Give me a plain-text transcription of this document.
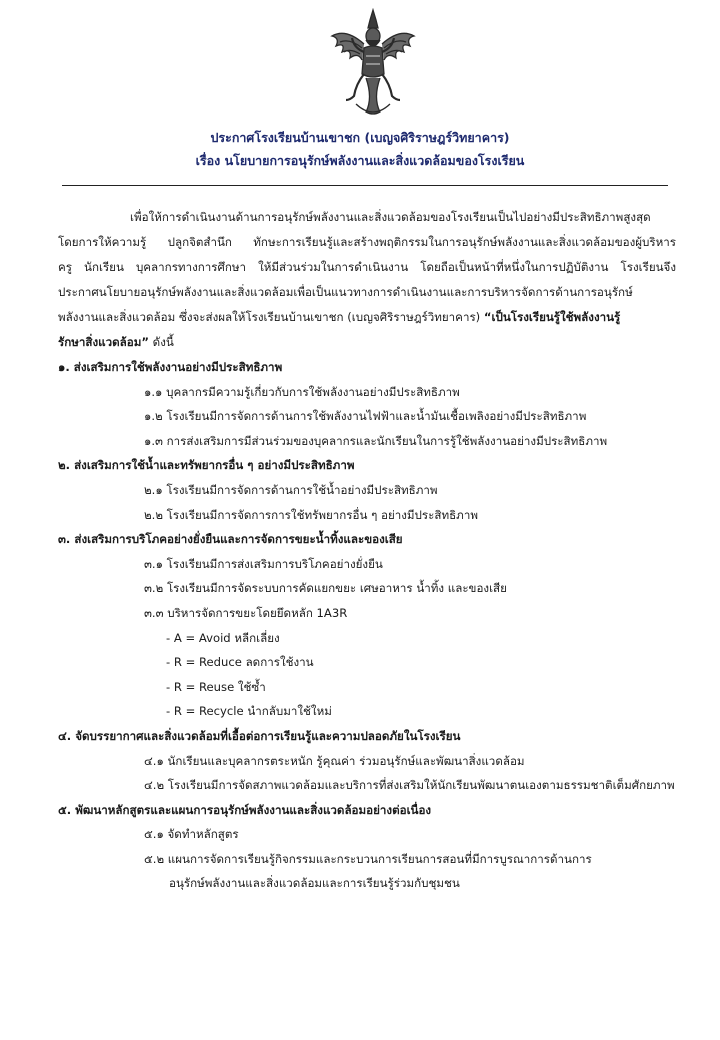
ประกาศโรงเรียนบ้านเขาชก (เบญจศิริราษฎร์วิทยาคาร)
เรื่อง นโยบายการอนุรักษ์พลังงานและสิ่งแวดล้อมของโรงเรียน

เพื่อให้การดำเนินงานด้านการอนุรักษ์พลังงานและสิ่งแวดล้อมของโรงเรียนเป็นไปอย่างมีประสิทธิภาพสูงสุด

โดยการให้ความรู้ ปลูกจิตสำนึก ทักษะการเรียนรู้และสร้างพฤติกรรมในการอนุรักษ์พลังงานและสิ่งแวดล้อมของผู้บริหาร

ครู นักเรียน บุคลากรทางการศึกษา ให้มีส่วนร่วมในการดำเนินงาน โดยถือเป็นหน้าที่หนึ่งในการปฏิบัติงาน โรงเรียนจึง

ประกาศนโยบายอนุรักษ์พลังงานและสิ่งแวดล้อมเพื่อเป็นแนวทางการดำเนินงานและการบริหารจัดการด้านการอนุรักษ์

พลังงานและสิ่งแวดล้อม ซึ่งจะส่งผลให้โรงเรียนบ้านเขาชก (เบญจศิริราษฎร์วิทยาคาร) “เป็นโรงเรียนรู้ใช้พลังงานรู้

รักษาสิ่งแวดล้อม” ดังนี้

๑. ส่งเสริมการใช้พลังงานอย่างมีประสิทธิภาพ

๑.๑ บุคลากรมีความรู้เกี่ยวกับการใช้พลังงานอย่างมีประสิทธิภาพ

๑.๒ โรงเรียนมีการจัดการด้านการใช้พลังงานไฟฟ้าและน้ำมันเชื้อเพลิงอย่างมีประสิทธิภาพ

๑.๓ การส่งเสริมการมีส่วนร่วมของบุคลากรและนักเรียนในการรู้ใช้พลังงานอย่างมีประสิทธิภาพ

๒. ส่งเสริมการใช้น้ำและทรัพยากรอื่น ๆ อย่างมีประสิทธิภาพ

๒.๑ โรงเรียนมีการจัดการด้านการใช้น้ำอย่างมีประสิทธิภาพ

๒.๒ โรงเรียนมีการจัดการการใช้ทรัพยากรอื่น ๆ อย่างมีประสิทธิภาพ

๓. ส่งเสริมการบริโภคอย่างยั่งยืนและการจัดการขยะน้ำทิ้งและของเสีย

๓.๑ โรงเรียนมีการส่งเสริมการบริโภคอย่างยั่งยืน

๓.๒ โรงเรียนมีการจัดระบบการคัดแยกขยะ เศษอาหาร น้ำทิ้ง และของเสีย

๓.๓ บริหารจัดการขยะโดยยึดหลัก 1A3R

- A = Avoid หลีกเลี่ยง

- R = Reduce ลดการใช้งาน

- R = Reuse ใช้ซ้ำ

- R = Recycle นำกลับมาใช้ใหม่

๔. จัดบรรยากาศและสิ่งแวดล้อมที่เอื้อต่อการเรียนรู้และความปลอดภัยในโรงเรียน

๔.๑ นักเรียนและบุคลากรตระหนัก รู้คุณค่า ร่วมอนุรักษ์และพัฒนาสิ่งแวดล้อม

๔.๒ โรงเรียนมีการจัดสภาพแวดล้อมและบริการที่ส่งเสริมให้นักเรียนพัฒนาตนเองตามธรรมชาติเต็มศักยภาพ

๕. พัฒนาหลักสูตรและแผนการอนุรักษ์พลังงานและสิ่งแวดล้อมอย่างต่อเนื่อง

๕.๑ จัดทำหลักสูตร

๕.๒ แผนการจัดการเรียนรู้กิจกรรมและกระบวนการเรียนการสอนที่มีการบูรณาการด้านการ

อนุรักษ์พลังงานและสิ่งแวดล้อมและการเรียนรู้ร่วมกับชุมชน
